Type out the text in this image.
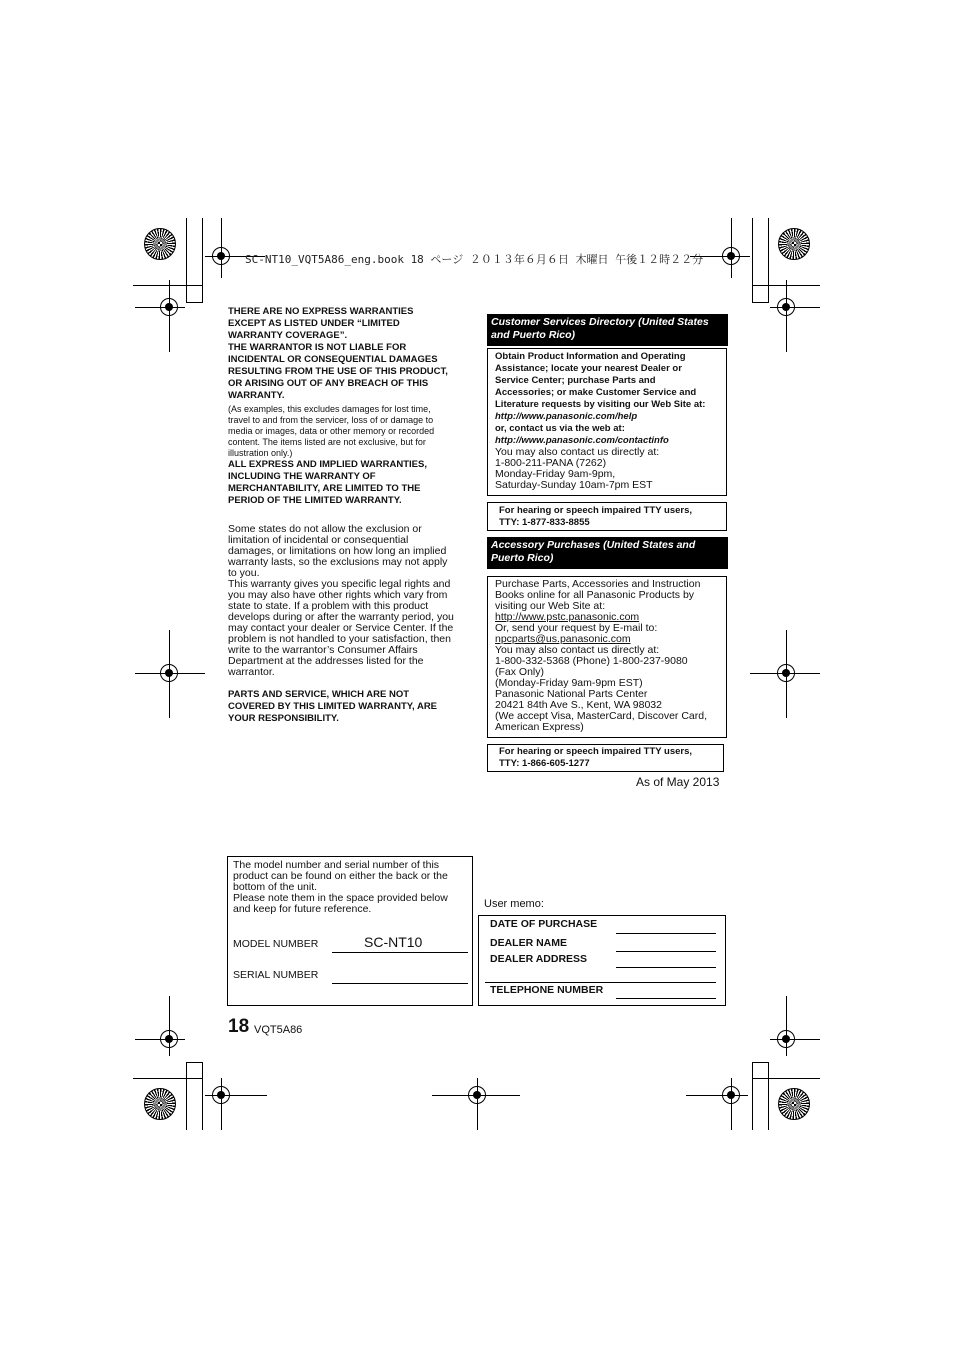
SC-NT10_VQT5A86_eng.book 18 ページ ２０１３年６月６日 木曜日 午後１２時２２分
THERE ARE NO EXPRESS WARRANTIES
EXCEPT AS LISTED UNDER “LIMITED
WARRANTY COVERAGE”.
THE WARRANTOR IS NOT LIABLE FOR
INCIDENTAL OR CONSEQUENTIAL DAMAGES
RESULTING FROM THE USE OF THIS PRODUCT,
OR ARISING OUT OF ANY BREACH OF THIS
WARRANTY.
(As examples, this excludes damages for lost time,
travel to and from the servicer, loss of or damage to
media or images, data or other memory or recorded
content. The items listed are not exclusive, but for
illustration only.)
ALL EXPRESS AND IMPLIED WARRANTIES,
INCLUDING THE WARRANTY OF
MERCHANTABILITY, ARE LIMITED TO THE
PERIOD OF THE LIMITED WARRANTY.
Some states do not allow the exclusion or
limitation of incidental or consequential
damages, or limitations on how long an implied
warranty lasts, so the exclusions may not apply
to you.
This warranty gives you specific legal rights and
you may also have other rights which vary from
state to state. If a problem with this product
develops during or after the warranty period, you
may contact your dealer or Service Center. If the
problem is not handled to your satisfaction, then
write to the warrantor’s Consumer Affairs
Department at the addresses listed for the
warrantor.
PARTS AND SERVICE, WHICH ARE NOT
COVERED BY THIS LIMITED WARRANTY, ARE
YOUR RESPONSIBILITY.
Customer Services Directory (United States
and Puerto Rico)
Obtain Product Information and Operating
Assistance; locate your nearest Dealer or
Service Center; purchase Parts and
Accessories; or make Customer Service and
Literature requests by visiting our Web Site at:
http://www.panasonic.com/help
or, contact us via the web at:
http://www.panasonic.com/contactinfo
You may also contact us directly at:
1-800-211-PANA (7262)
Monday-Friday 9am-9pm,
Saturday-Sunday 10am-7pm EST
For hearing or speech impaired TTY users,
TTY: 1-877-833-8855
Accessory Purchases (United States and
Puerto Rico)
Purchase Parts, Accessories and Instruction
Books online for all Panasonic Products by
visiting our Web Site at:
http://www.pstc.panasonic.com
Or, send your request by E-mail to:
npcparts@us.panasonic.com
You may also contact us directly at:
1-800-332-5368 (Phone) 1-800-237-9080
(Fax Only)
(Monday-Friday 9am-9pm EST)
Panasonic National Parts Center
20421 84th Ave S., Kent, WA 98032
(We accept Visa, MasterCard, Discover Card,
American Express)
For hearing or speech impaired TTY users,
TTY: 1-866-605-1277
As of May 2013
The model number and serial number of this
product can be found on either the back or the
bottom of the unit.
Please note them in the space provided below
and keep for future reference.
MODEL NUMBER	SC-NT10
SERIAL NUMBER
User memo:
DATE OF PURCHASE
DEALER NAME
DEALER ADDRESS
TELEPHONE NUMBER
18 VQT5A86
